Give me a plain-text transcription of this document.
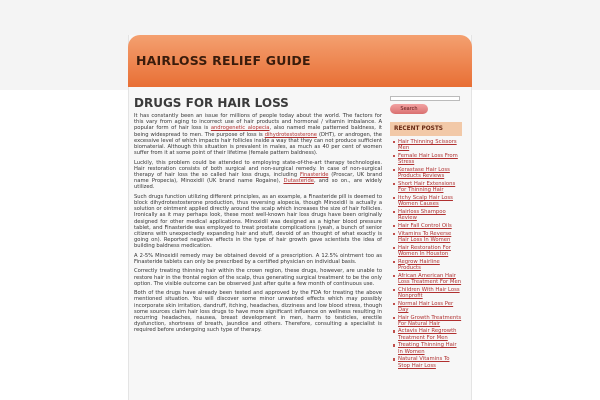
HAIRLOSS RELIEF GUIDE
DRUGS FOR HAIR LOSS

It has constantly been an issue for millions of people today about the world. The factors for this vary from aging to incorrect use of hair products and hormonal / vitamin imbalance. A popular form of hair loss is androgenetic alopecia, also named male patterned baldness, it being widespread to men. The purpose of loss is dihydrotestosterone (DHT), or androgen, the excessive level of which impacts hair follicles inside a way that they can not produce sufficient biomaterial. Although this situation is prevalent in males, as much as 40 per cent of women suffer from it at some point of their lifetime (female pattern baldness).

Luckily, this problem could be attended to employing state-of-the-art therapy technologies. Hair restoration consists of both surgical and non-surgical remedy. In case of non-surgical therapy of hair loss the so called hair loss drugs, including Finasteride (Proscar, UK brand name Propecia), Minoxidil (UK brand name Rogaine), Dutasteride, and so on., are widely utilized.

Such drugs function utilizing different principles, as an example, a Finasteride pill is deemed to block dihydrotestosterone production, thus reversing alopecia, though Minoxidil is actually a solution or ointment applied directly around the scalp which increases the size of hair follicles. Ironically as it may perhaps look, these most well-known hair loss drugs have been originally designed for other medical applications. Minoxidil was designed as a higher blood pressure tablet, and Finasteride was employed to treat prostate complications (yeah, a bunch of senior citizens with unexpectedly expanding hair and stuff, devoid of an thought of what exactly is going on). Reported negative effects in the type of hair growth gave scientists the idea of building baldness medication.

A 2-5% Minoxidil remedy may be obtained devoid of a prescription. A 12.5% ointment too as Finasteride tablets can only be prescribed by a certified physician on individual basis.

Correctly treating thinning hair within the crown region, these drugs, however, are unable to restore hair in the frontal region of the scalp, thus generating surgical treatment to be the only option. The visible outcome can be observed just after quite a few month of continuous use.

Both of the drugs have already been tested and approved by the FDA for treating the above mentioned situation. You will discover some minor unwanted effects which may possibly incorporate skin irritation, dandruff, itching, headaches, dizziness and low blood stress, though some sources claim hair loss drugs to have more significant influence on wellness resulting in recurring headaches, nausea, breast development in men, harm to testicles, erectile dysfunction, shortness of breath, jaundice and others. Therefore, consulting a specialist is required before undergoing such type of therapy.

Search
RECENT POSTS
Hair Thinning Scissors Men
Female Hair Loss From Stress
Kerastase Hair Loss Products Reviews
Short Hair Extensions For Thinning Hair
Itchy Scalp Hair Loss Women Causes
Hairloss Shampoo Review
Hair Fall Control Oils
Vitamins To Reverse Hair Loss In Women
Hair Restoration For Women In Houston
Regrow Hairline Products
African American Hair Loss Treatment For Men
Children With Hair Loss Nonprofit
Normal Hair Loss Per Day
Hair Growth Treatments For Natural Hair
Actavis Hair Regrowth Treatment For Men
Treating Thinning Hair In Women
Natural Vitamins To Stop Hair Loss
